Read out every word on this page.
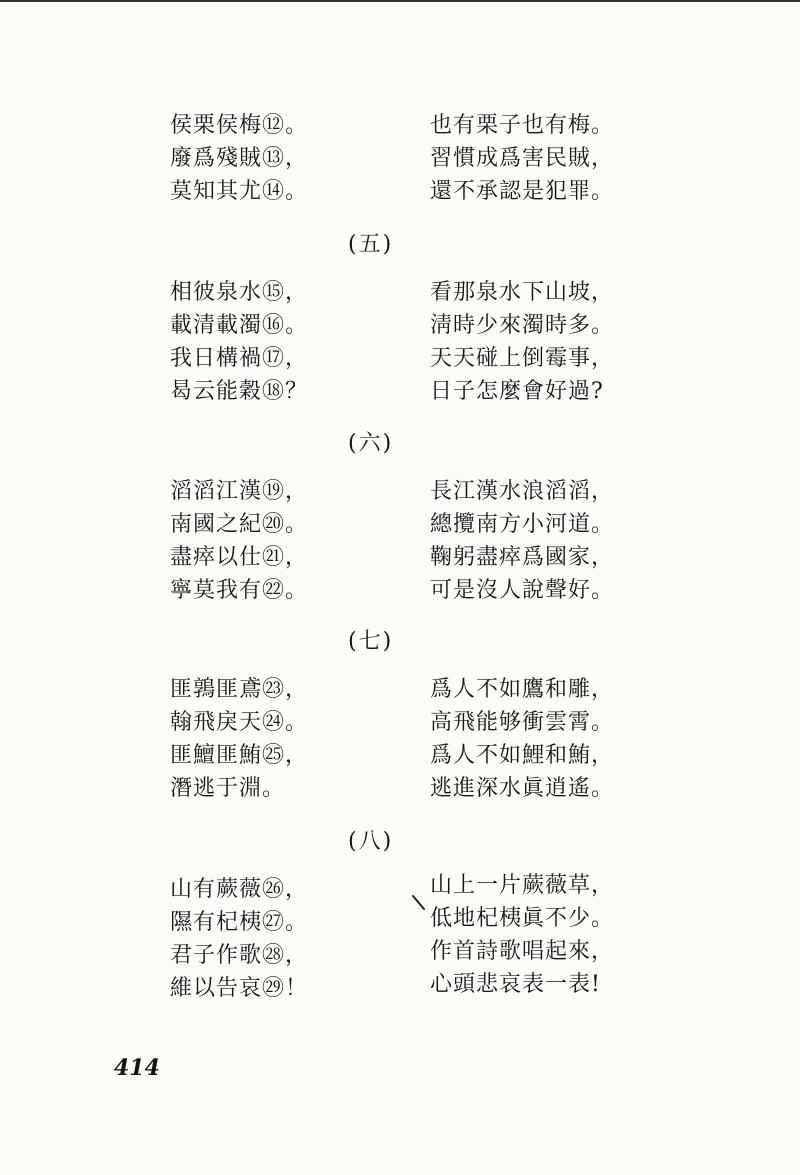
侯栗侯梅⑫。
廢爲殘賊⑬，
莫知其尤⑭。
也有栗子也有梅。
習慣成爲害民賊，
還不承認是犯罪。
(五)
相彼泉水⑮，
載清載濁⑯。
我日構禍⑰，
曷云能穀⑱？
看那泉水下山坡，
淸時少來濁時多。
天天碰上倒霉事，
日子怎麼會好過?
(六)
滔滔江漢⑲，
南國之紀⑳。
盡瘁以仕㉑，
寧莫我有㉒。
長江漢水浪滔滔，
總攬南方小河道。
鞠躬盡瘁爲國家，
可是沒人說聲好。
(七)
匪鶉匪鳶㉓，
翰飛戾天㉔。
匪鱣匪鮪㉕，
潛逃于淵。
爲人不如鷹和雕，
高飛能够衝雲霄。
爲人不如鯉和鮪，
逃進深水眞逍遙。
(八)
山有蕨薇㉖，
隰有杞桋㉗。
君子作歌㉘，
維以告哀㉙！
山上一片蕨薇草，
低地杞桋眞不少。
作首詩歌唱起來，
心頭悲哀表一表!
414
